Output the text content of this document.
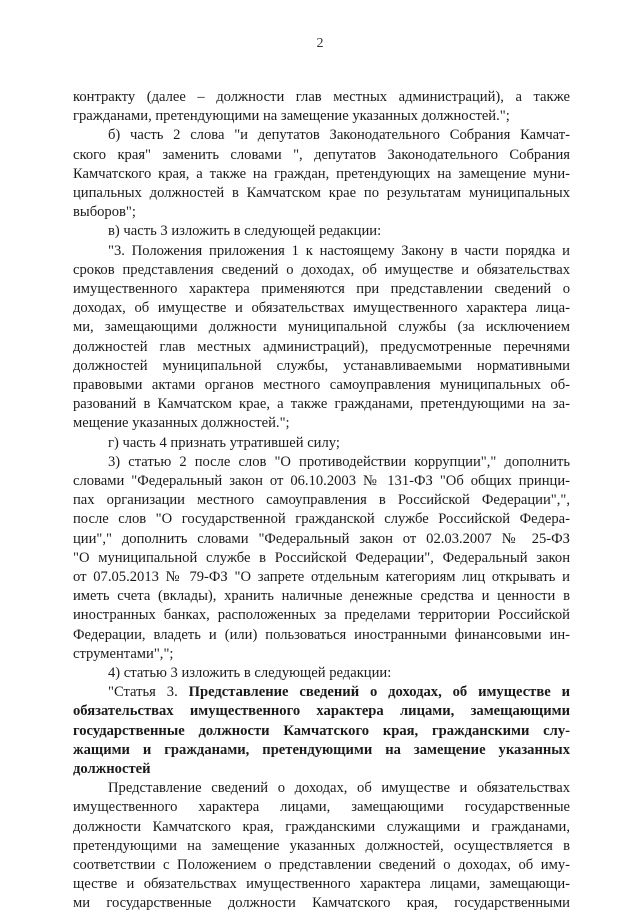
2
контракту (далее – должности глав местных администраций), а также
гражданами, претендующими на замещение указанных должностей.";
б) часть 2 слова "и депутатов Законодательного Собрания Камчат-
ского края" заменить словами ", депутатов Законодательного Собрания
Камчатского края, а также на граждан, претендующих на замещение муни-
ципальных должностей в Камчатском крае по результатам муниципальных
выборов";
в) часть 3 изложить в следующей редакции:
"3. Положения приложения 1 к настоящему Закону в части порядка и
сроков представления сведений о доходах, об имуществе и обязательствах
имущественного характера применяются при представлении сведений о
доходах, об имуществе и обязательствах имущественного характера лица-
ми, замещающими должности муниципальной службы (за исключением
должностей глав местных администраций), предусмотренные перечнями
должностей муниципальной службы, устанавливаемыми нормативными
правовыми актами органов местного самоуправления муниципальных об-
разований в Камчатском крае, а также гражданами, претендующими на за-
мещение указанных должностей.";
г) часть 4 признать утратившей силу;
3) статью 2 после слов "О противодействии коррупции"," дополнить
словами "Федеральный закон от 06.10.2003 № 131-ФЗ "Об общих принци-
пах организации местного самоуправления в Российской Федерации",",
после слов "О государственной гражданской службе Российской Федера-
ции"," дополнить словами "Федеральный закон от 02.03.2007 № 25-ФЗ
"О муниципальной службе в Российской Федерации", Федеральный закон
от 07.05.2013 № 79-ФЗ "О запрете отдельным категориям лиц открывать и
иметь счета (вклады), хранить наличные денежные средства и ценности в
иностранных банках, расположенных за пределами территории Российской
Федерации, владеть и (или) пользоваться иностранными финансовыми ин-
струментами",";
4) статью 3 изложить в следующей редакции:
"Статья 3. Представление сведений о доходах, об имуществе и
обязательствах имущественного характера лицами, замещающими
государственные должности Камчатского края, гражданскими слу-
жащими и гражданами, претендующими на замещение указанных
должностей
Представление сведений о доходах, об имуществе и обязательствах
имущественного характера лицами, замещающими государственные
должности Камчатского края, гражданскими служащими и гражданами,
претендующими на замещение указанных должностей, осуществляется в
соответствии с Положением о представлении сведений о доходах, об иму-
ществе и обязательствах имущественного характера лицами, замещающи-
ми государственные должности Камчатского края, государственными
